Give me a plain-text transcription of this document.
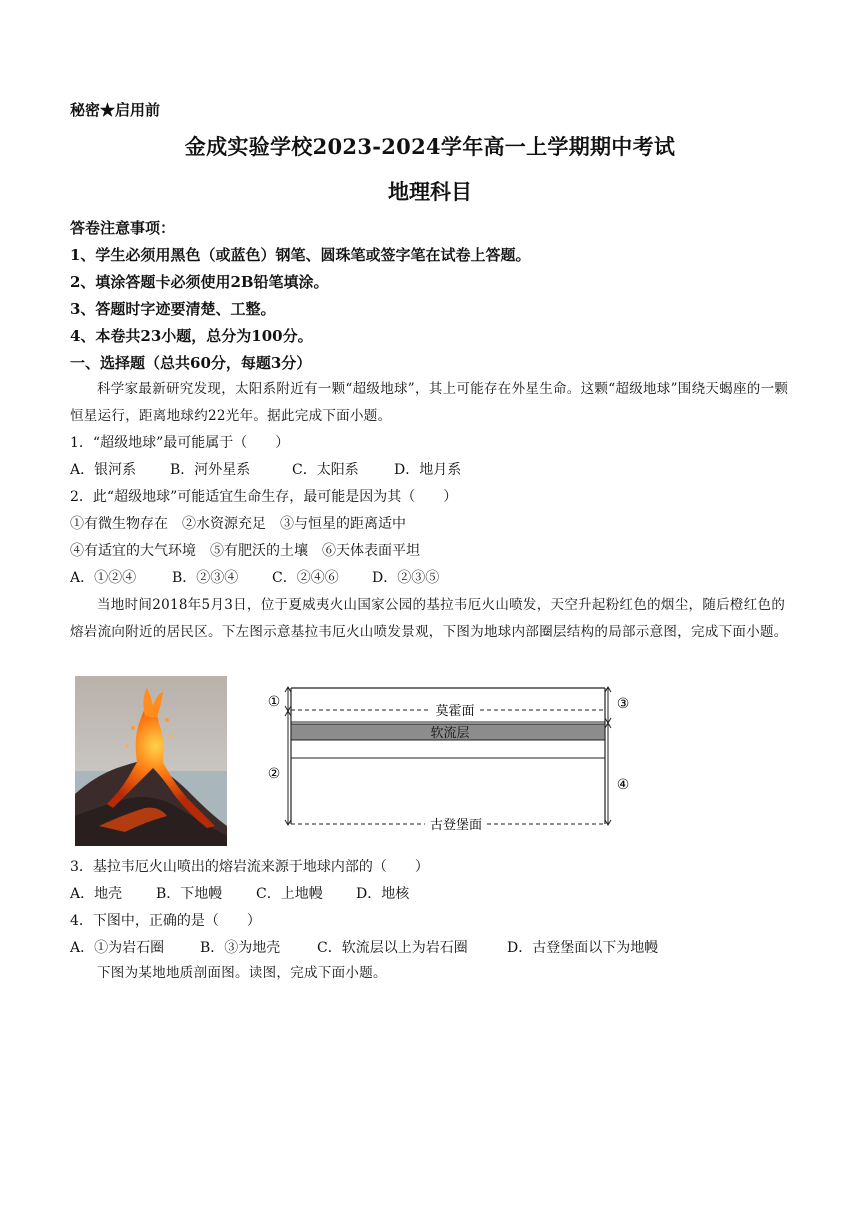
秘密★启用前
金成实验学校2023-2024学年高一上学期期中考试
地理科目
答卷注意事项：
1、学生必须用黑色（或蓝色）钢笔、圆珠笔或签字笔在试卷上答题。
2、填涂答题卡必须使用2B铅笔填涂。
3、答题时字迹要清楚、工整。
4、本卷共23小题，总分为100分。
一、选择题（总共60分，每题3分）
科学家最新研究发现，太阳系附近有一颗“超级地球”，其上可能存在外星生命。这颗“超级地球”围绕天蝎座的一颗恒星运行，距离地球约22光年。据此完成下面小题。
1．“超级地球”最可能属于（　　）
A．银河系 B．河外星系	C．太阳系	D．地月系
2．此“超级地球”可能适宜生命生存，最可能是因为其（　　）
①有微生物存在　②水资源充足　③与恒星的距离适中
④有适宜的大气环境　⑤有肥沃的土壤　⑥天体表面平坦
A．①②④	B．②③④ C．②④⑥ D．②③⑤
当地时间2018年5月3日，位于夏威夷火山国家公园的基拉韦厄火山喷发，天空升起粉红色的烟尘，随后橙红色的熔岩流向附近的居民区。下左图示意基拉韦厄火山喷发景观，下图为地球内部圈层结构的局部示意图，完成下面小题。
①
②
③
④
莫霍面
软流层
古登堡面
3．基拉韦厄火山喷出的熔岩流来源于地球内部的（　　）
A．地壳 B．下地幔 C．上地幔 D．地核
4．下图中，正确的是（　　）
A．①为岩石圈	B．③为地壳	C．软流层以上为岩石圈	D．古登堡面以下为地幔
下图为某地地质剖面图。读图，完成下面小题。
